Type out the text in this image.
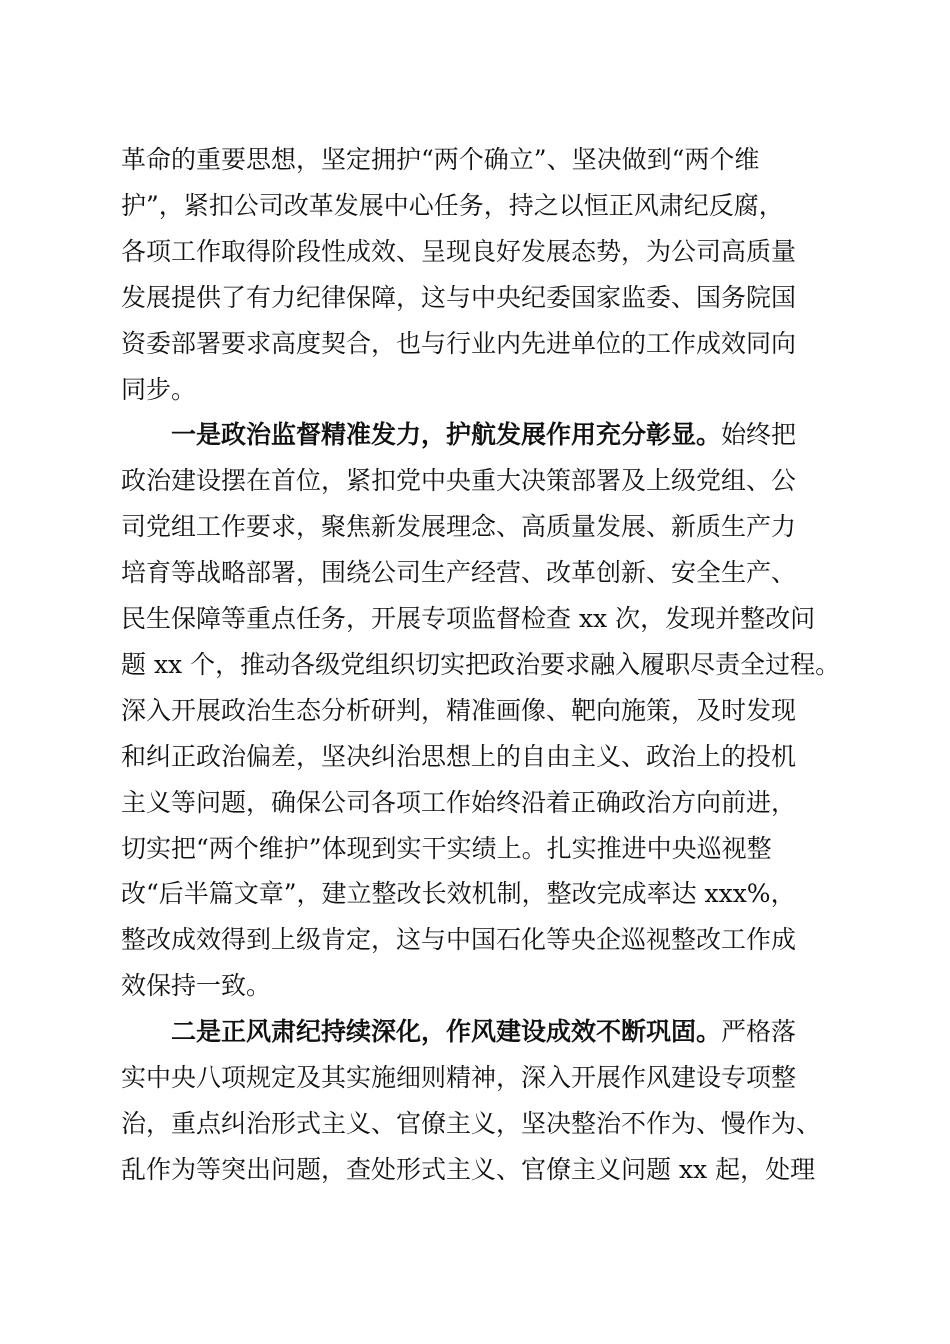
革命的重要思想，坚定拥护“两个确立”、坚决做到“两个维
护”，紧扣公司改革发展中心任务，持之以恒正风肃纪反腐，
各项工作取得阶段性成效、呈现良好发展态势，为公司高质量
发展提供了有力纪律保障，这与中央纪委国家监委、国务院国
资委部署要求高度契合，也与行业内先进单位的工作成效同向
同步。
一是政治监督精准发力，护航发展作用充分彰显。始终把
政治建设摆在首位，紧扣党中央重大决策部署及上级党组、公
司党组工作要求，聚焦新发展理念、高质量发展、新质生产力
培育等战略部署，围绕公司生产经营、改革创新、安全生产、
民生保障等重点任务，开展专项监督检查 xx 次，发现并整改问
题 xx 个，推动各级党组织切实把政治要求融入履职尽责全过程。
深入开展政治生态分析研判，精准画像、靶向施策，及时发现
和纠正政治偏差，坚决纠治思想上的自由主义、政治上的投机
主义等问题，确保公司各项工作始终沿着正确政治方向前进，
切实把“两个维护”体现到实干实绩上。扎实推进中央巡视整
改“后半篇文章”，建立整改长效机制，整改完成率达 xxx%，
整改成效得到上级肯定，这与中国石化等央企巡视整改工作成
效保持一致。
二是正风肃纪持续深化，作风建设成效不断巩固。严格落
实中央八项规定及其实施细则精神，深入开展作风建设专项整
治，重点纠治形式主义、官僚主义，坚决整治不作为、慢作为、
乱作为等突出问题，查处形式主义、官僚主义问题 xx 起，处理
